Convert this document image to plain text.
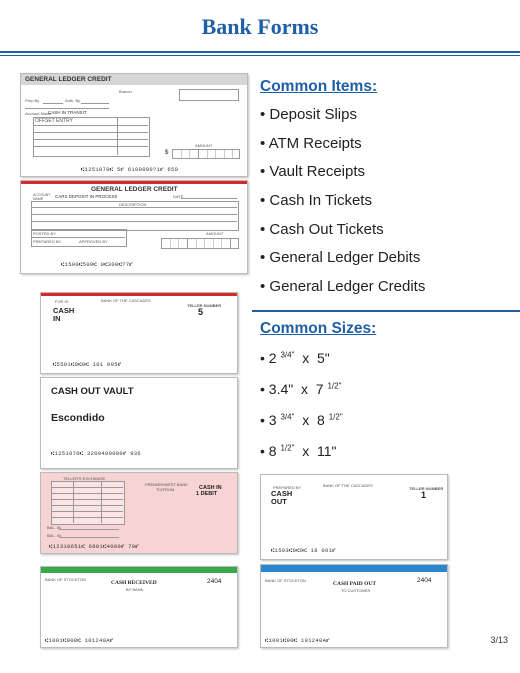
Bank Forms
GENERAL LEDGER CREDIT
Branch
Prep By	Auth. By
Account Name
CASH IN TRANSIT
OFFSET ENTRY
AMOUNT
$
⑆1251070⑆ 5⑈ 6100000?1⑈ 650
GENERAL LEDGER CREDIT
ACCOUNT NAME	CARS DEPOSIT IN PROCESS	DATE
DESCRIPTION
POSTED BY	AMOUNT
PREPARED BY	APPROVED BY
⑆1500⑆500⑆ 0⑆300⑆?7⑈
FOR ID	BANK OF THE CASCADES
TELLER NUMBER
5
CASH
IN
⑆5501⑆0⑆0⑆ 101 005⑈
CASH OUT VAULT
Escondido
⑆1251070⑆ 3200400000⑈ 936
TELLER'S EXCHANGE
PREMIER/WEST BANK
TO/FROM	CASH IN
1 DEBIT
BAL. IN
BAL. IN
⑆12310651⑆ 6001⑆4000⑈ 70⑈
BANK OF STOCKTON
CASH RECEIVED
BY BANK
2404
⑆1001⑆008⑆ 101240A⑈
Common Items:
• Deposit Slips
• ATM Receipts
• Vault Receipts
• Cash In Tickets
• Cash Out Tickets
• General Ledger Debits
• General Ledger Credits
Common Sizes:
• 2 $^{3/4"}$  x  5"
• 3.4"  x  7 $^{1/2"}$
• 3 $^{3/4"}$  x  8 $^{1/2"}$
• 8 $^{1/2"}$  x  11"
PREPARED BY	BANK OF THE CASCADES
TELLER NUMBER
1
CASH
OUT
⑆1503⑆0⑆0⑆ 18 001⑈
BANK OF STOCKTON
CASH PAID OUT
TO CUSTOMER
2404
⑆1001⑆00⑆ 101240A⑈	3/13
